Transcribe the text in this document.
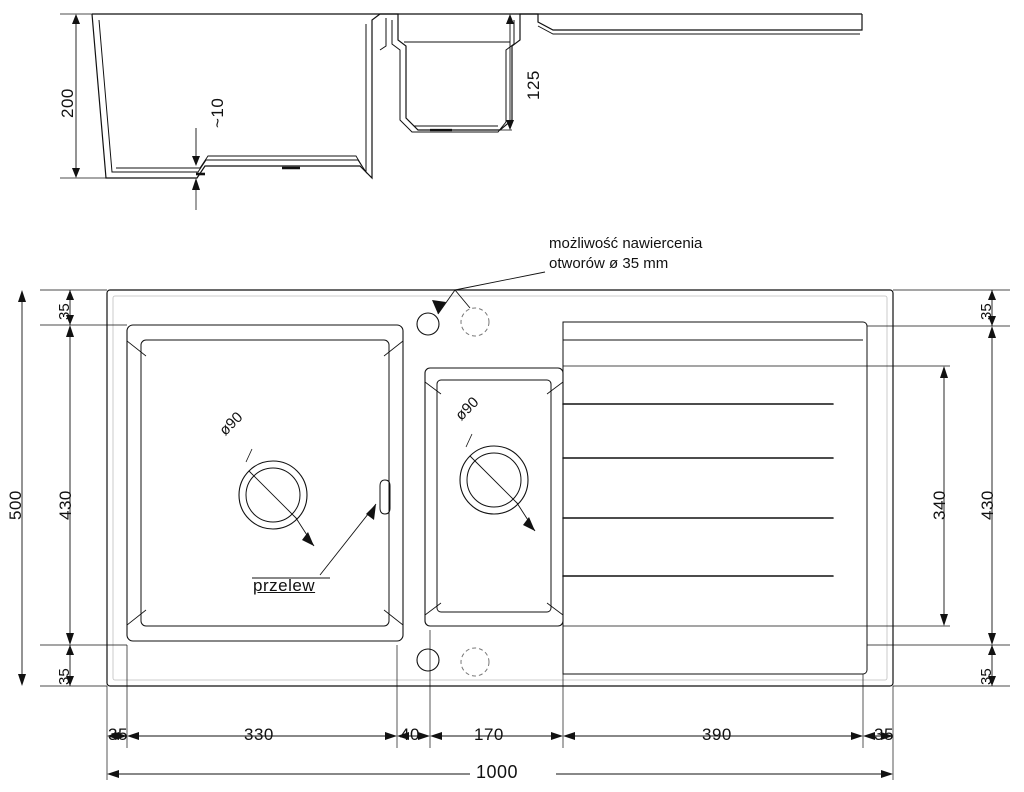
200	~10
125
możliwość nawiercenia
otworów ø 35 mm
ø90	ø90
przelew
500 430
35
35
340 430
35
35
35	330	40	170	390	35
1000
